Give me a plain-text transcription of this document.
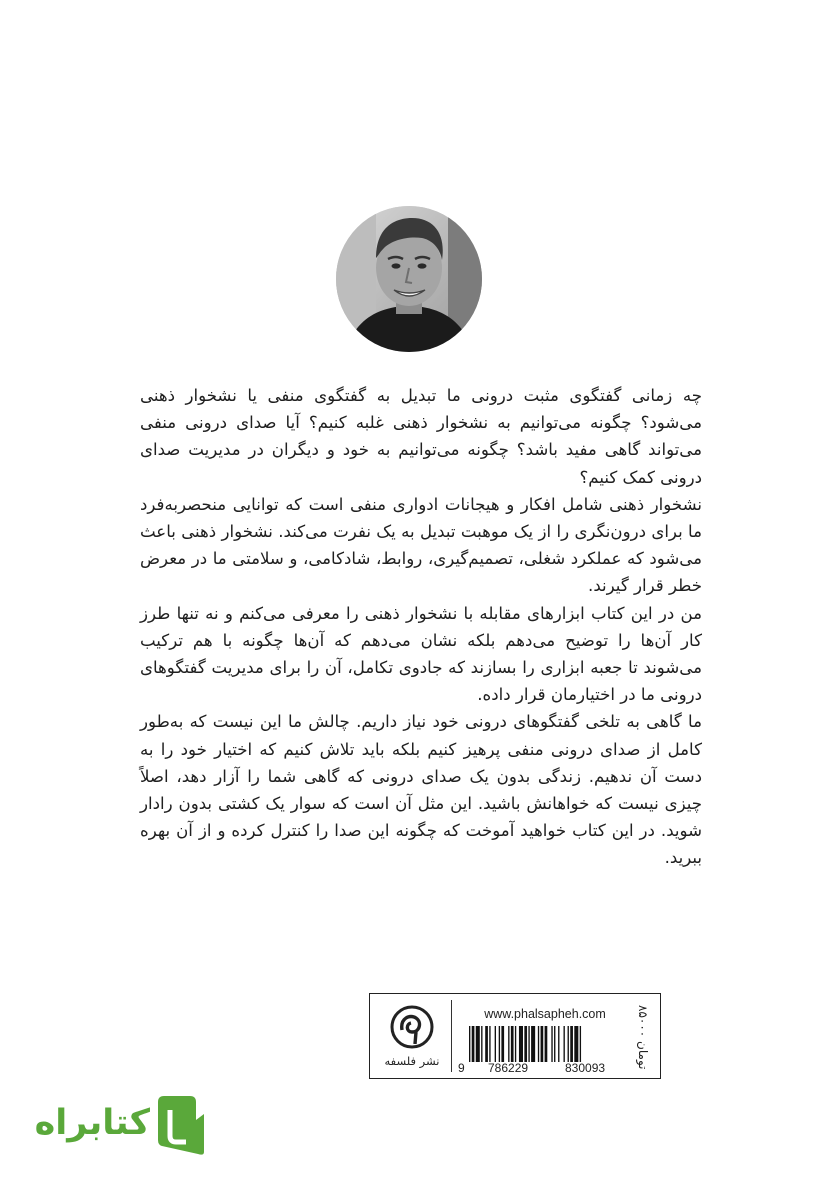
چه زمانی گفتگوی مثبت درونی ما تبدیل به گفتگوی منفی یا نشخوار ذهنی می‌شود؟ چگونه می‌توانیم به نشخوار ذهنی غلبه کنیم؟ آیا صدای درونی منفی می‌تواند گاهی مفید باشد؟ چگونه می‌توانیم به خود و دیگران در مدیریت صدای درونی کمک کنیم؟

نشخوار ذهنی شامل افکار و هیجانات ادواری منفی است که توانایی منحصربه‌فرد ما برای درون‌نگری را از یک موهبت تبدیل به یک نفرت می‌کند. نشخوار ذهنی باعث می‌شود که عملکرد شغلی، تصمیم‌گیری، روابط، شادکامی، و سلامتی ما در معرض خطر قرار گیرند.

من در این کتاب ابزارهای مقابله با نشخوار ذهنی را معرفی می‌کنم و نه تنها طرز کار آن‌ها را توضیح می‌دهم بلکه نشان می‌دهم که آن‌ها چگونه با هم ترکیب می‌شوند تا جعبه ابزاری را بسازند که جادوی تکامل، آن را برای مدیریت گفتگوهای درونی ما در اختیارمان قرار داده.

ما گاهی به تلخی گفتگوهای درونی خود نیاز داریم. چالش ما این نیست که به‌طور کامل از صدای درونی منفی پرهیز کنیم بلکه باید تلاش کنیم که اختیار خود را به دست آن ندهیم. زندگی بدون یک صدای درونی که گاهی شما را آزار دهد، اصلاً چیزی نیست که خواهانش باشید. این مثل آن است که سوار یک کشتی بدون رادار شوید. در این کتاب خواهید آموخت که چگونه این صدا را کنترل کرده و از آن بهره ببرید.

نشر فلسفه
www.phalsapheh.com
9 786229	830093
۸۵۰۰۰ تومان
کتابراه
